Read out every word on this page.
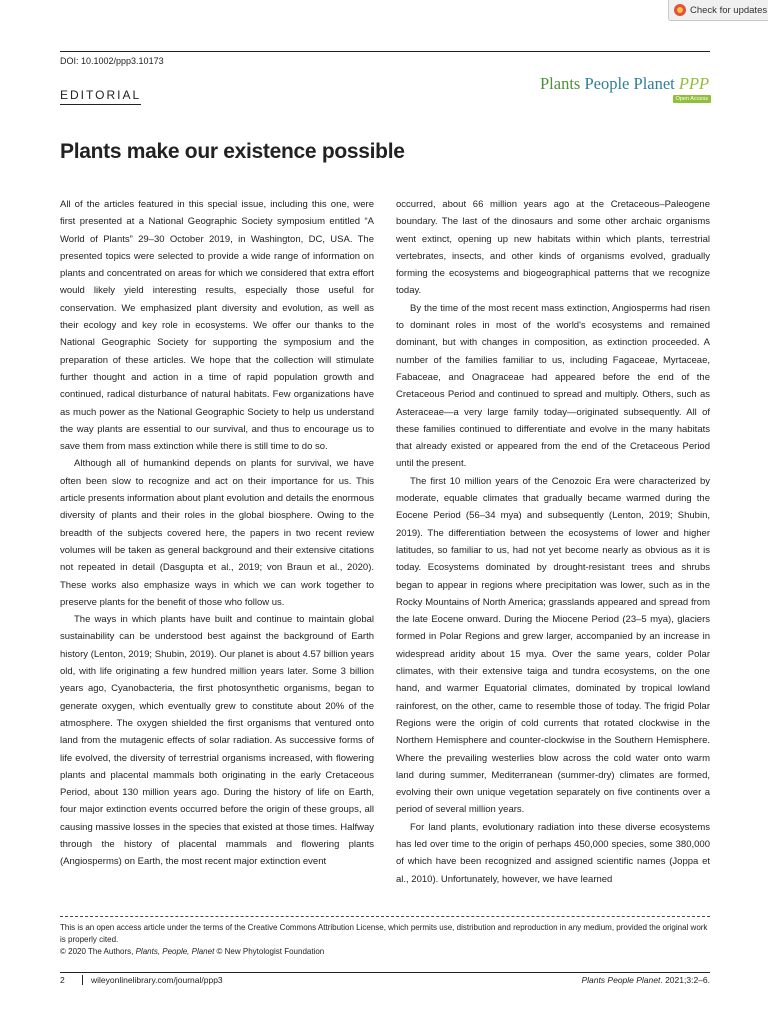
Check for updates
DOI: 10.1002/ppp3.10173
EDITORIAL
Plants People Planet PPP
Open Access
Plants make our existence possible

All of the articles featured in this special issue, including this one, were first presented at a National Geographic Society symposium entitled “A World of Plants” 29–30 October 2019, in Washington, DC, USA. The presented topics were selected to provide a wide range of information on plants and concentrated on areas for which we considered that extra effort would likely yield interesting results, especially those useful for conservation. We emphasized plant diversity and evolution, as well as their ecology and key role in ecosystems. We offer our thanks to the National Geographic Society for supporting the symposium and the preparation of these articles. We hope that the collection will stimulate further thought and action in a time of rapid population growth and continued, radical disturbance of natural habitats. Few organizations have as much power as the National Geographic Society to help us understand the way plants are essential to our survival, and thus to encourage us to save them from mass extinction while there is still time to do so.

Although all of humankind depends on plants for survival, we have often been slow to recognize and act on their importance for us. This article presents information about plant evolution and details the enormous diversity of plants and their roles in the global biosphere. Owing to the breadth of the subjects covered here, the papers in two recent review volumes will be taken as general background and their extensive citations not repeated in detail (Dasgupta et al., 2019; von Braun et al., 2020). These works also emphasize ways in which we can work together to preserve plants for the benefit of those who follow us.

The ways in which plants have built and continue to maintain global sustainability can be understood best against the background of Earth history (Lenton, 2019; Shubin, 2019). Our planet is about 4.57 billion years old, with life originating a few hundred million years later. Some 3 billion years ago, Cyanobacteria, the first photosynthetic organisms, began to generate oxygen, which eventually grew to constitute about 20% of the atmosphere. The oxygen shielded the first organisms that ventured onto land from the mutagenic effects of solar radiation. As successive forms of life evolved, the diversity of terrestrial organisms increased, with flowering plants and placental mammals both originating in the early Cretaceous Period, about 130 million years ago. During the history of life on Earth, four major extinction events occurred before the origin of these groups, all causing massive losses in the species that existed at those times. Halfway through the history of placental mammals and flowering plants (Angiosperms) on Earth, the most recent major extinction event

occurred, about 66 million years ago at the Cretaceous–Paleogene boundary. The last of the dinosaurs and some other archaic organisms went extinct, opening up new habitats within which plants, terrestrial vertebrates, insects, and other kinds of organisms evolved, gradually forming the ecosystems and biogeographical patterns that we recognize today.

By the time of the most recent mass extinction, Angiosperms had risen to dominant roles in most of the world's ecosystems and remained dominant, but with changes in composition, as extinction proceeded. A number of the families familiar to us, including Fagaceae, Myrtaceae, Fabaceae, and Onagraceae had appeared before the end of the Cretaceous Period and continued to spread and multiply. Others, such as Asteraceae—a very large family today—originated subsequently. All of these families continued to differentiate and evolve in the many habitats that already existed or appeared from the end of the Cretaceous Period until the present.

The first 10 million years of the Cenozoic Era were characterized by moderate, equable climates that gradually became warmed during the Eocene Period (56–34 mya) and subsequently (Lenton, 2019; Shubin, 2019). The differentiation between the ecosystems of lower and higher latitudes, so familiar to us, had not yet become nearly as obvious as it is today. Ecosystems dominated by drought-resistant trees and shrubs began to appear in regions where precipitation was lower, such as in the Rocky Mountains of North America; grasslands appeared and spread from the late Eocene onward. During the Miocene Period (23–5 mya), glaciers formed in Polar Regions and grew larger, accompanied by an increase in widespread aridity about 15 mya. Over the same years, colder Polar climates, with their extensive taiga and tundra ecosystems, on the one hand, and warmer Equatorial climates, dominated by tropical lowland rainforest, on the other, came to resemble those of today. The frigid Polar Regions were the origin of cold currents that rotated clockwise in the Northern Hemisphere and counter-clockwise in the Southern Hemisphere. Where the prevailing westerlies blow across the cold water onto warm land during summer, Mediterranean (summer-dry) climates are formed, evolving their own unique vegetation separately on five continents over a period of several million years.

For land plants, evolutionary radiation into these diverse ecosystems has led over time to the origin of perhaps 450,000 species, some 380,000 of which have been recognized and assigned scientific names (Joppa et al., 2010). Unfortunately, however, we have learned

This is an open access article under the terms of the Creative Commons Attribution License, which permits use, distribution and reproduction in any medium, provided the original work is properly cited.

© 2020 The Authors, Plants, People, Planet © New Phytologist Foundation

2	wileyonlinelibrary.com/journal/ppp3	Plants People Planet. 2021;3:2–6.
